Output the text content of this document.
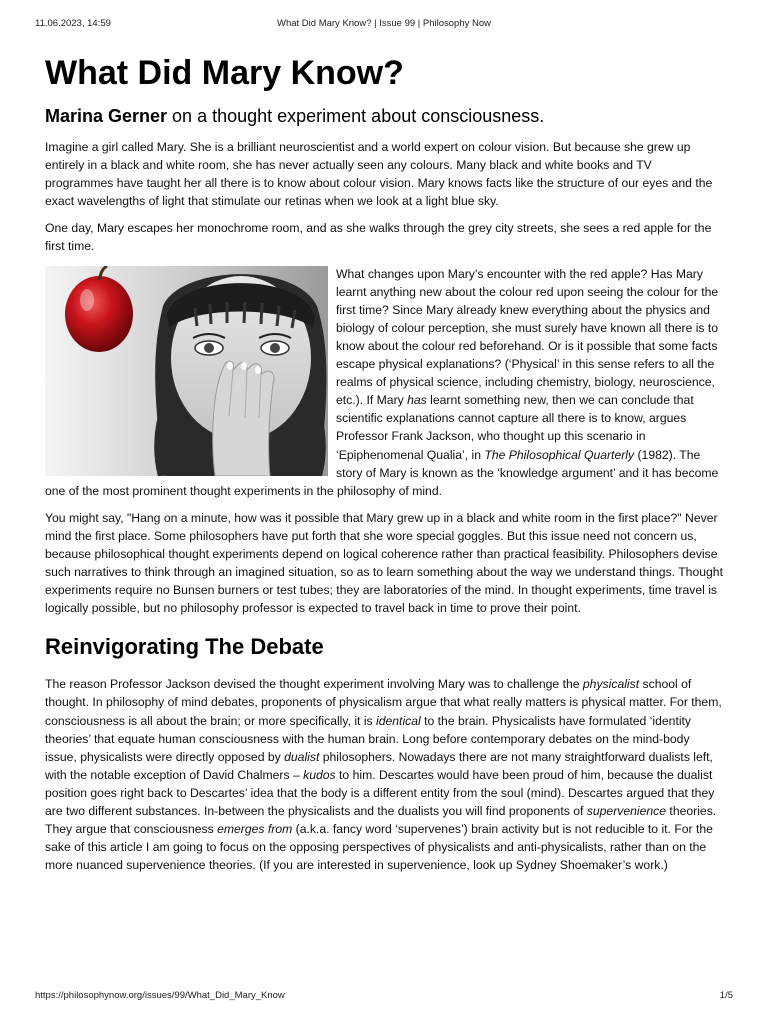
11.06.2023, 14:59	What Did Mary Know? | Issue 99 | Philosophy Now
What Did Mary Know?
Marina Gerner on a thought experiment about consciousness.

Imagine a girl called Mary. She is a brilliant neuroscientist and a world expert on colour vision. But because she grew up entirely in a black and white room, she has never actually seen any colours. Many black and white books and TV programmes have taught her all there is to know about colour vision. Mary knows facts like the structure of our eyes and the exact wavelengths of light that stimulate our retinas when we look at a light blue sky.

One day, Mary escapes her monochrome room, and as she walks through the grey city streets, she sees a red apple for the first time.

What changes upon Mary’s encounter with the red apple? Has Mary learnt anything new about the colour red upon seeing the colour for the first time? Since Mary already knew everything about the physics and biology of colour perception, she must surely have known all there is to know about the colour red beforehand. Or is it possible that some facts escape physical explanations? (‘Physical’ in this sense refers to all the realms of physical science, including chemistry, biology, neuroscience, etc.). If Mary has learnt something new, then we can conclude that scientific explanations cannot capture all there is to know, argues Professor Frank Jackson, who thought up this scenario in ‘Epiphenomenal Qualia’, in The Philosophical Quarterly (1982). The story of Mary is known as the ‘knowledge argument’ and it has become one of the most prominent thought experiments in the philosophy of mind.

You might say, "Hang on a minute, how was it possible that Mary grew up in a black and white room in the first place?" Never mind the first place. Some philosophers have put forth that she wore special goggles. But this issue need not concern us, because philosophical thought experiments depend on logical coherence rather than practical feasibility. Philosophers devise such narratives to think through an imagined situation, so as to learn something about the way we understand things. Thought experiments require no Bunsen burners or test tubes; they are laboratories of the mind. In thought experiments, time travel is logically possible, but no philosophy professor is expected to travel back in time to prove their point.

Reinvigorating The Debate

The reason Professor Jackson devised the thought experiment involving Mary was to challenge the physicalist school of thought. In philosophy of mind debates, proponents of physicalism argue that what really matters is physical matter. For them, consciousness is all about the brain; or more specifically, it is identical to the brain. Physicalists have formulated ‘identity theories’ that equate human consciousness with the human brain. Long before contemporary debates on the mind-body issue, physicalists were directly opposed by dualist philosophers. Nowadays there are not many straightforward dualists left, with the notable exception of David Chalmers – kudos to him. Descartes would have been proud of him, because the dualist position goes right back to Descartes’ idea that the body is a different entity from the soul (mind). Descartes argued that they are two different substances. In-between the physicalists and the dualists you will find proponents of supervenience theories. They argue that consciousness emerges from (a.k.a. fancy word ‘supervenes’) brain activity but is not reducible to it. For the sake of this article I am going to focus on the opposing perspectives of physicalists and anti-physicalists, rather than on the more nuanced supervenience theories. (If you are interested in supervenience, look up Sydney Shoemaker’s work.)

https://philosophynow.org/issues/99/What_Did_Mary_Know	1/5
